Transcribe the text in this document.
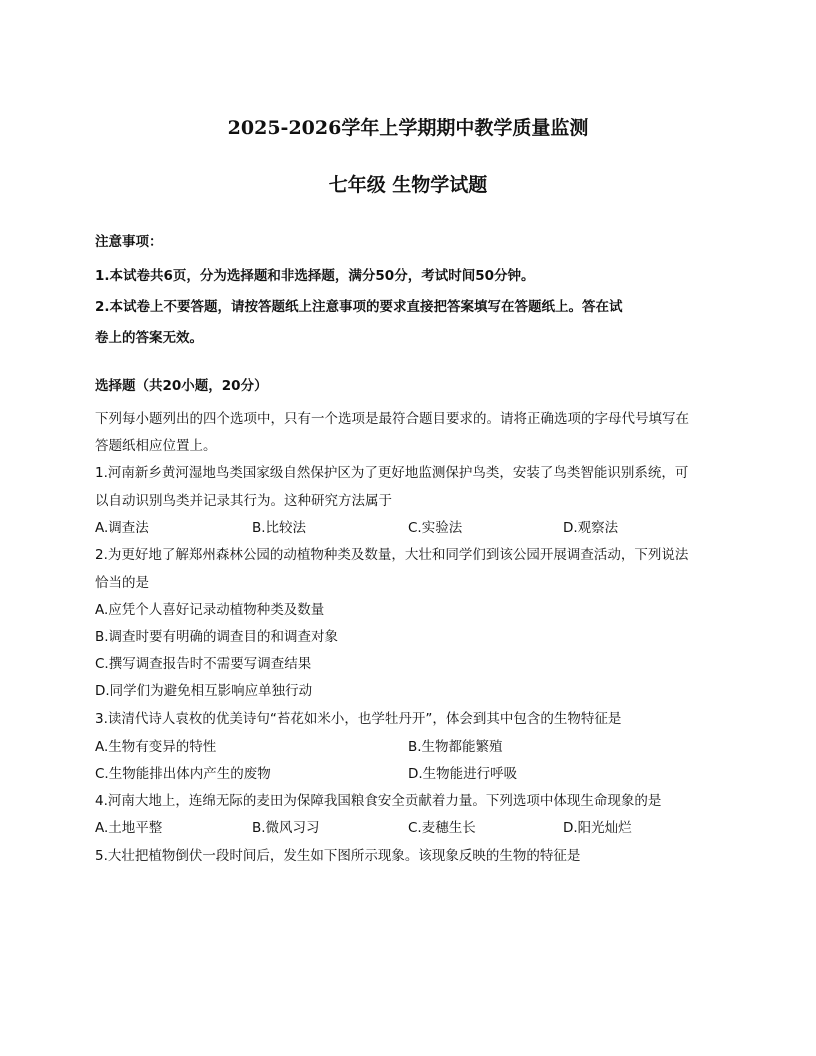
2025-2026学年上学期期中教学质量监测
七年级 生物学试题
注意事项：
1.本试卷共6页，分为选择题和非选择题，满分50分，考试时间50分钟。
2.本试卷上不要答题，请按答题纸上注意事项的要求直接把答案填写在答题纸上。答在试
卷上的答案无效。
选择题（共20小题，20分）
下列每小题列出的四个选项中，只有一个选项是最符合题目要求的。请将正确选项的字母代号填写在
答题纸相应位置上。
1.河南新乡黄河湿地鸟类国家级自然保护区为了更好地监测保护鸟类，安装了鸟类智能识别系统，可
以自动识别鸟类并记录其行为。这种研究方法属于
A.调查法	B.比较法	C.实验法	D.观察法
2.为更好地了解郑州森林公园的动植物种类及数量，大壮和同学们到该公园开展调查活动，下列说法
恰当的是
A.应凭个人喜好记录动植物种类及数量
B.调查时要有明确的调查目的和调查对象
C.撰写调查报告时不需要写调查结果
D.同学们为避免相互影响应单独行动
3.读清代诗人袁枚的优美诗句“苔花如米小，也学牡丹开”，体会到其中包含的生物特征是
A.生物有变异的特性	B.生物都能繁殖
C.生物能排出体内产生的废物	D.生物能进行呼吸
4.河南大地上，连绵无际的麦田为保障我国粮食安全贡献着力量。下列选项中体现生命现象的是
A.土地平整	B.微风习习	C.麦穗生长	D.阳光灿烂
5.大壮把植物倒伏一段时间后，发生如下图所示现象。该现象反映的生物的特征是
